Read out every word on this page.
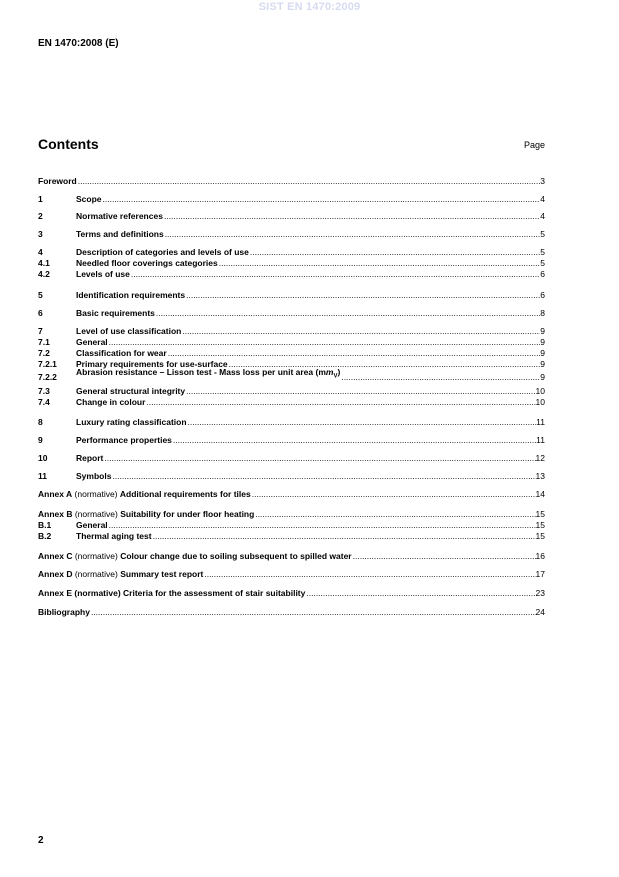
SIST EN 1470:2009
EN 1470:2008 (E)
Contents	Page
Foreword .....	3
1	Scope .....	4
2	Normative references .....	4
3	Terms and definitions .....	5
4	Description of categories and levels of use .....	5
4.1	Needled floor coverings categories .....	5
4.2	Levels of use .....	6
5	Identification requirements .....	6
6	Basic requirements .....	8
7	Level of use classification .....	9
7.1	General .....	9
7.2	Classification for wear .....	9
7.2.1	Primary requirements for use-surface .....	9
7.2.2	Abrasion resistance – Lisson test - Mass loss per unit area $(mm_V)$ .....	9
7.3	General structural integrity .....	10
7.4	Change in colour .....	10
8	Luxury rating classification .....	11
9	Performance properties .....	11
10	Report .....	12
11	Symbols .....	13
Annex A (normative) Additional requirements for tiles .....	14
Annex B (normative) Suitability for under floor heating .....	15
B.1	General .....	15
B.2	Thermal aging test .....	15
Annex C (normative) Colour change due to soiling subsequent to spilled water .....	16
Annex D (normative) Summary test report .....	17
Annex E (normative) Criteria for the assessment of stair suitability .....	23
Bibliography .....	24
2
